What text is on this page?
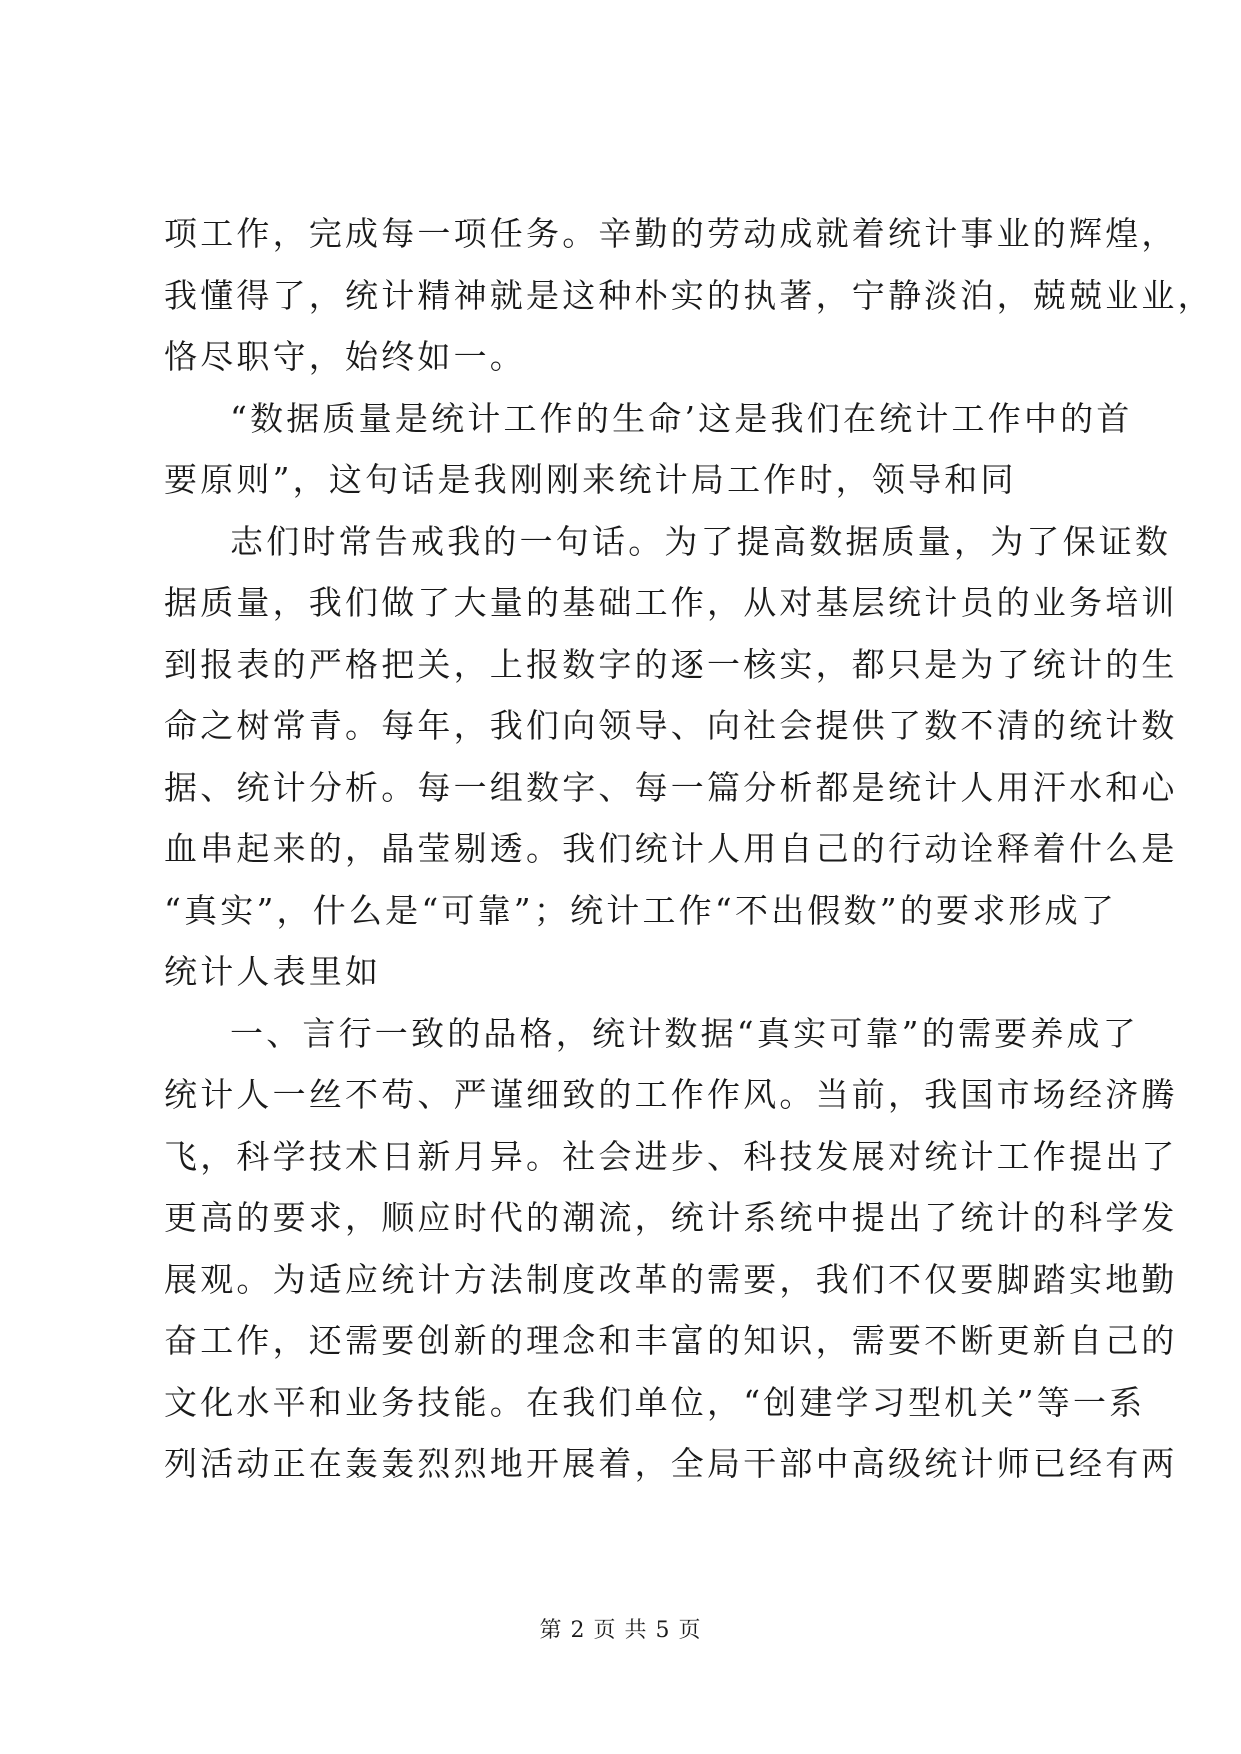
项工作，完成每一项任务。辛勤的劳动成就着统计事业的辉煌，
我懂得了，统计精神就是这种朴实的执著，宁静淡泊，兢兢业业，
恪尽职守，始终如一。
“数据质量是统计工作的生命’这是我们在统计工作中的首
要原则”，这句话是我刚刚来统计局工作时，领导和同
志们时常告戒我的一句话。为了提高数据质量，为了保证数
据质量，我们做了大量的基础工作，从对基层统计员的业务培训
到报表的严格把关，上报数字的逐一核实，都只是为了统计的生
命之树常青。每年，我们向领导、向社会提供了数不清的统计数
据、统计分析。每一组数字、每一篇分析都是统计人用汗水和心
血串起来的，晶莹剔透。我们统计人用自己的行动诠释着什么是
“真实”，什么是“可靠”；统计工作“不出假数”的要求形成了
统计人表里如
一、言行一致的品格，统计数据“真实可靠”的需要养成了
统计人一丝不苟、严谨细致的工作作风。当前，我国市场经济腾
飞，科学技术日新月异。社会进步、科技发展对统计工作提出了
更高的要求，顺应时代的潮流，统计系统中提出了统计的科学发
展观。为适应统计方法制度改革的需要，我们不仅要脚踏实地勤
奋工作，还需要创新的理念和丰富的知识，需要不断更新自己的
文化水平和业务技能。在我们单位，“创建学习型机关”等一系
列活动正在轰轰烈烈地开展着，全局干部中高级统计师已经有两
第 2 页 共 5 页
